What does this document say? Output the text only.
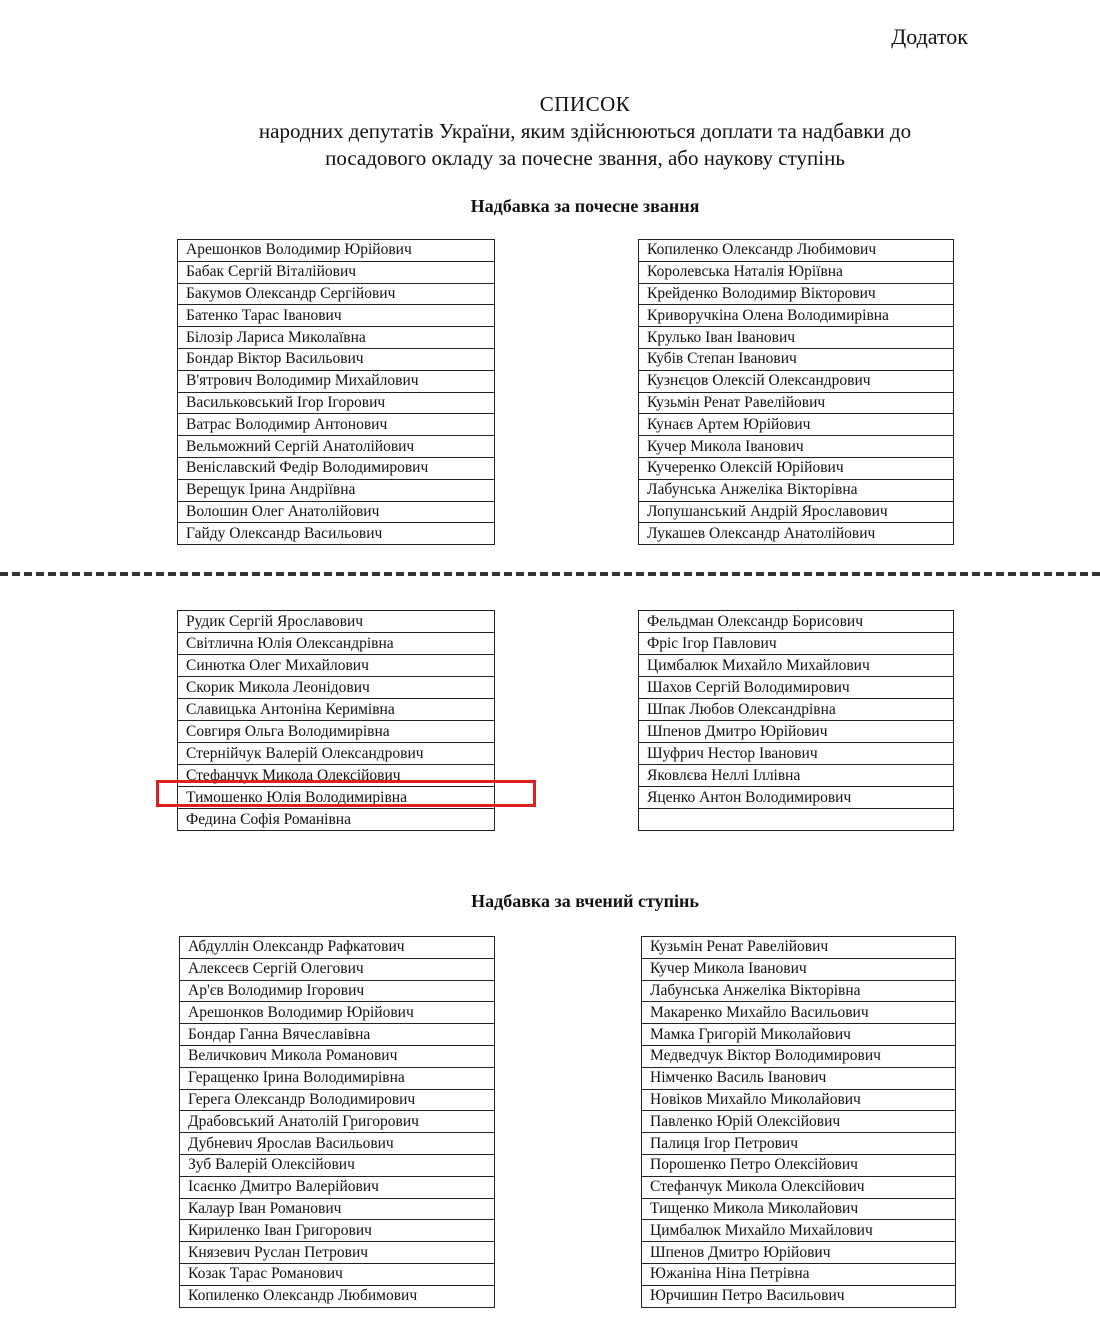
Додаток
СПИСОК
народних депутатів України, яким здійснюються доплати та надбавки до
посадового окладу за почесне звання, або наукову ступінь
Надбавка за почесне звання
Арешонков Володимир Юрійович
Бабак Сергій Віталійович
Бакумов Олександр Сергійович
Батенко Тарас Іванович
Білозір Лариса Миколаївна
Бондар Віктор Васильович
В'ятрович Володимир Михайлович
Васильковський Ігор Ігорович
Ватрас Володимир Антонович
Вельможний Сергій Анатолійович
Веніславский Федір Володимирович
Верещук Ірина Андріївна
Волошин Олег Анатолійович
Гайду Олександр Васильович
Копиленко Олександр Любимович
Королевська Наталія Юріївна
Крейденко Володимир Вікторович
Криворучкіна Олена Володимирівна
Крулько Іван Іванович
Кубів Степан Іванович
Кузнєцов Олексій Олександрович
Кузьмін Ренат Равелійович
Кунаєв Артем Юрійович
Кучер Микола Іванович
Кучеренко Олексій Юрійович
Лабунська Анжеліка Вікторівна
Лопушанський Андрій Ярославович
Лукашев Олександр Анатолійович
Рудик Сергій Ярославович
Світлична Юлія Олександрівна
Синютка Олег Михайлович
Скорик Микола Леонідович
Славицька Антоніна Керимівна
Совгиря Ольга Володимирівна
Стернійчук Валерій Олександрович
Стефанчук Микола Олексійович
Тимошенко Юлія Володимирівна
Федина Софія Романівна
Фельдман Олександр Борисович
Фріс Ігор Павлович
Цимбалюк Михайло Михайлович
Шахов Сергій Володимирович
Шпак Любов Олександрівна
Шпенов Дмитро Юрійович
Шуфрич Нестор Іванович
Яковлєва Неллі Іллівна
Яценко Антон Володимирович

Надбавка за вчений ступінь
Абдуллін Олександр Рафкатович
Алексеєв Сергій Олегович
Ар'єв Володимир Ігорович
Арешонков Володимир Юрійович
Бондар Ганна Вячеславівна
Величкович Микола Романович
Геращенко Ірина Володимирівна
Герега Олександр Володимирович
Драбовський Анатолій Григорович
Дубневич Ярослав Васильович
Зуб Валерій Олексійович
Ісаєнко Дмитро Валерійович
Калаур Іван Романович
Кириленко Іван Григорович
Князевич Руслан Петрович
Козак Тарас Романович
Копиленко Олександр Любимович
Кузьмін Ренат Равелійович
Кучер Микола Іванович
Лабунська Анжеліка Вікторівна
Макаренко Михайло Васильович
Мамка Григорій Миколайович
Медведчук Віктор Володимирович
Німченко Василь Іванович
Новіков Михайло Миколайович
Павленко Юрій Олексійович
Палиця Ігор Петрович
Порошенко Петро Олексійович
Стефанчук Микола Олексійович
Тищенко Микола Миколайович
Цимбалюк Михайло Михайлович
Шпенов Дмитро Юрійович
Южаніна Ніна Петрівна
Юрчишин Петро Васильович
